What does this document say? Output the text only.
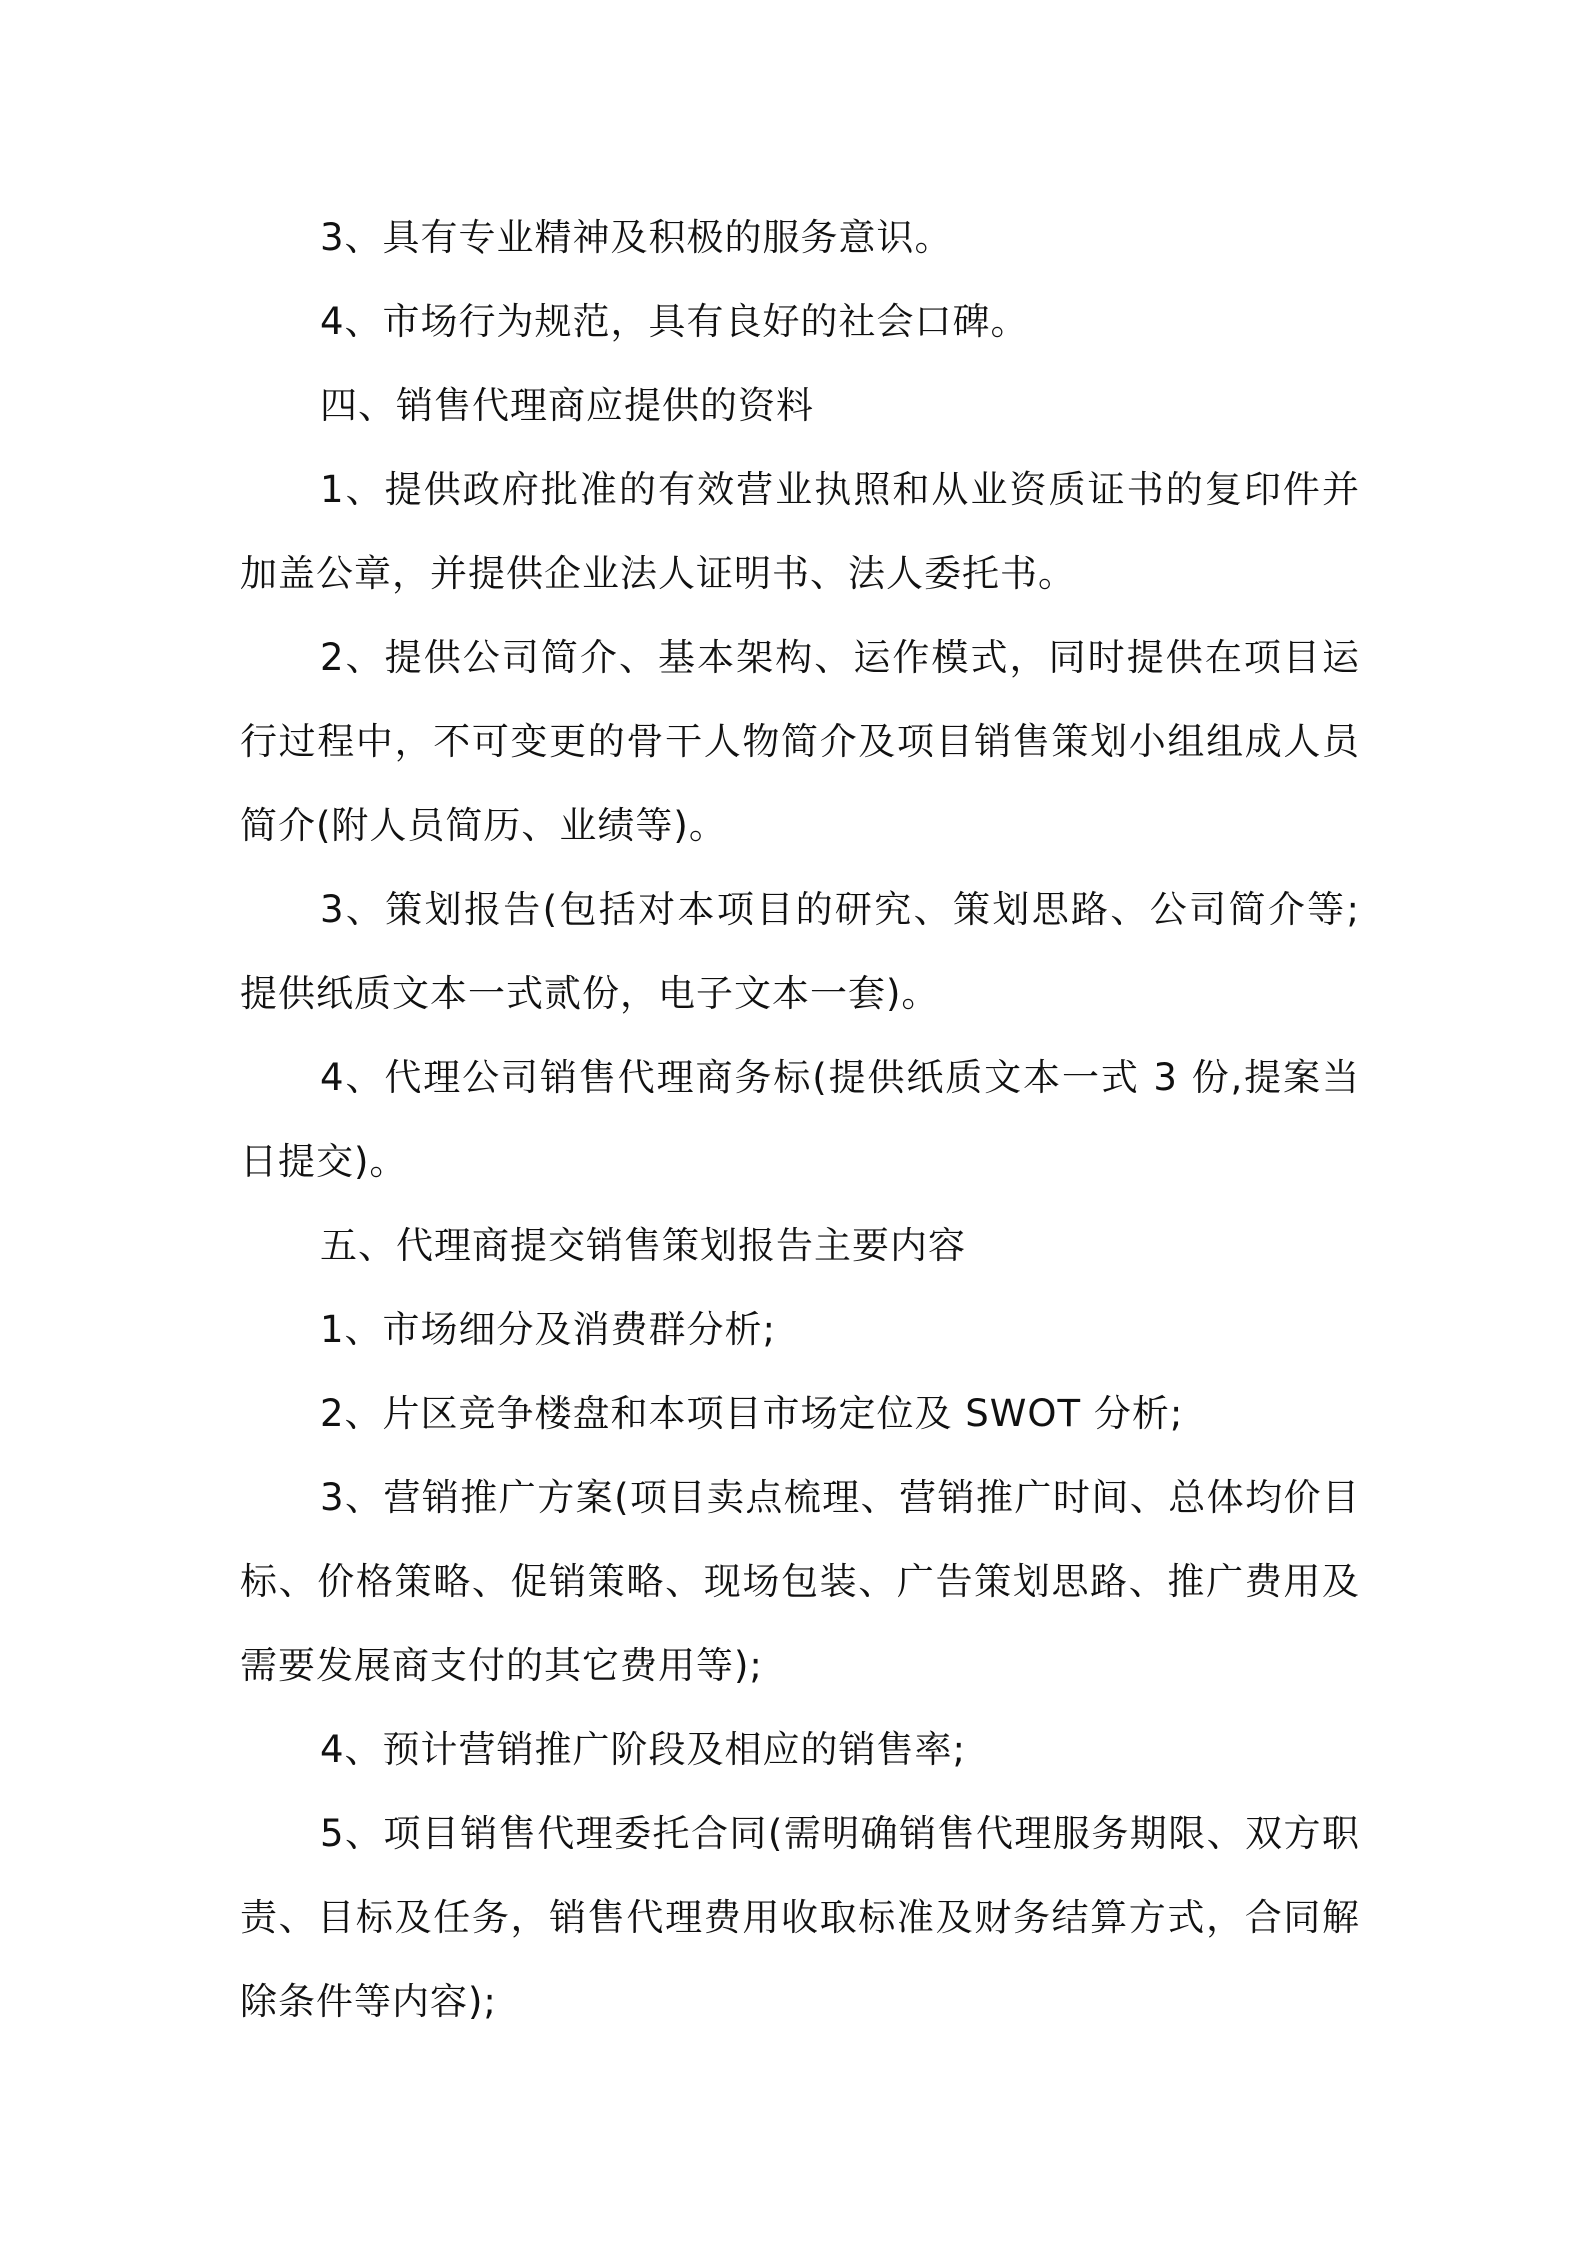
3、具有专业精神及积极的服务意识。

4、市场行为规范，具有良好的社会口碑。

四、销售代理商应提供的资料

1、提供政府批准的有效营业执照和从业资质证书的复印件并加盖公章，并提供企业法人证明书、法人委托书。

2、提供公司简介、基本架构、运作模式，同时提供在项目运行过程中，不可变更的骨干人物简介及项目销售策划小组组成人员简介(附人员简历、业绩等)。

3、策划报告(包括对本项目的研究、策划思路、公司简介等;提供纸质文本一式贰份，电子文本一套)。

4、代理公司销售代理商务标(提供纸质文本一式 3 份,提案当日提交)。

五、代理商提交销售策划报告主要内容

1、市场细分及消费群分析;

2、片区竞争楼盘和本项目市场定位及 SWOT 分析;

3、营销推广方案(项目卖点梳理、营销推广时间、总体均价目标、价格策略、促销策略、现场包装、广告策划思路、推广费用及需要发展商支付的其它费用等);

4、预计营销推广阶段及相应的销售率;

5、项目销售代理委托合同(需明确销售代理服务期限、双方职责、目标及任务，销售代理费用收取标准及财务结算方式，合同解除条件等内容);
